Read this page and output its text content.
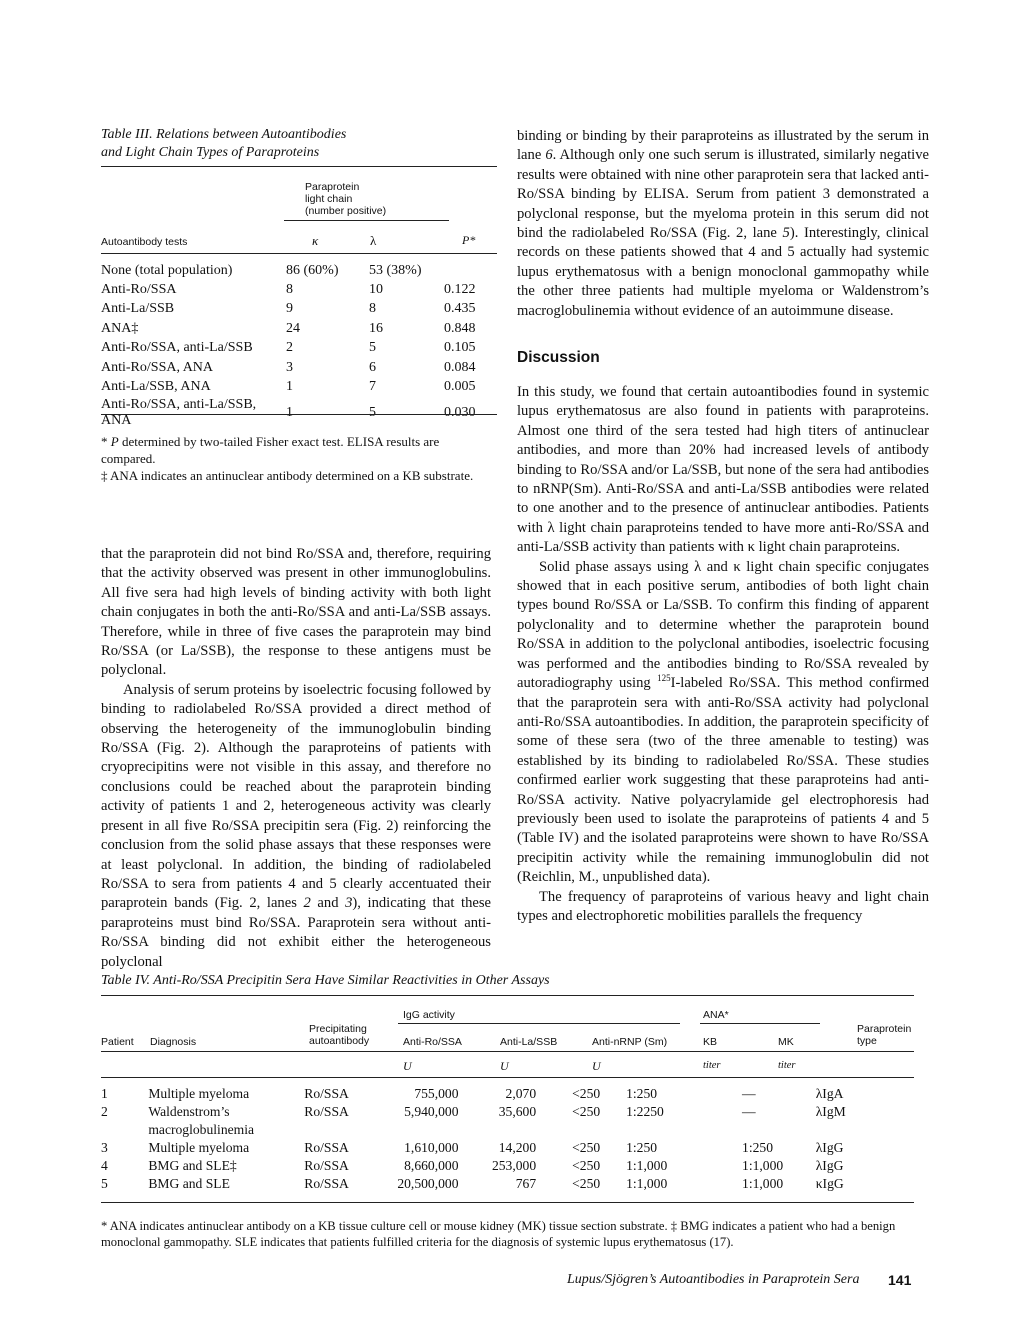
Table III. Relations between Autoantibodies
and Light Chain Types of Paraproteins
Paraprotein
light chain
(number positive)
Autoantibody tests	κ	λ	P*
None (total population)	86 (60%)	53 (38%)	
Anti-Ro/SSA	8	10	0.122
Anti-La/SSB	9	8	0.435
ANA‡	24	16	0.848
Anti-Ro/SSA, anti-La/SSB	2	5	0.105
Anti-Ro/SSA, ANA	3	6	0.084
Anti-La/SSB, ANA	1	7	0.005
Anti-Ro/SSA, anti-La/SSB, ANA	1	5	0.030
* P determined by two-tailed Fisher exact test. ELISA results are compared.
‡ ANA indicates an antinuclear antibody determined on a KB substrate.

that the paraprotein did not bind Ro/SSA and, therefore, requiring that the activity observed was present in other immunoglobulins. All five sera had high levels of binding activity with both light chain conjugates in both the anti-Ro/SSA and anti-La/SSB assays. Therefore, while in three of five cases the paraprotein may bind Ro/SSA (or La/SSB), the response to these antigens must be polyclonal.

Analysis of serum proteins by isoelectric focusing followed by binding to radiolabeled Ro/SSA provided a direct method of observing the heterogeneity of the immunoglobulin binding Ro/SSA (Fig. 2). Although the paraproteins of patients with cryoprecipitins were not visible in this assay, and therefore no conclusions could be reached about the paraprotein binding activity of patients 1 and 2, heterogeneous activity was clearly present in all five Ro/SSA precipitin sera (Fig. 2) reinforcing the conclusion from the solid phase assays that these responses were at least polyclonal. In addition, the binding of radiolabeled Ro/SSA to sera from patients 4 and 5 clearly accentuated their paraprotein bands (Fig. 2, lanes 2 and 3), indicating that these paraproteins must bind Ro/SSA. Paraprotein sera without anti-Ro/SSA binding did not exhibit either the heterogeneous polyclonal

binding or binding by their paraproteins as illustrated by the serum in lane 6. Although only one such serum is illustrated, similarly negative results were obtained with nine other paraprotein sera that lacked anti-Ro/SSA binding by ELISA. Serum from patient 3 demonstrated a polyclonal response, but the myeloma protein in this serum did not bind the radiolabeled Ro/SSA (Fig. 2, lane 5). Interestingly, clinical records on these patients showed that 4 and 5 actually had systemic lupus erythematosus with a benign monoclonal gammopathy while the other three patients had multiple myeloma or Waldenstrom’s macroglobulinemia without evidence of an autoimmune disease.

Discussion

In this study, we found that certain autoantibodies found in systemic lupus erythematosus are also found in patients with paraproteins. Almost one third of the sera tested had high titers of antinuclear antibodies, and more than 20% had increased levels of antibody binding to Ro/SSA and/or La/SSB, but none of the sera had antibodies to nRNP(Sm). Anti-Ro/SSA and anti-La/SSB antibodies were related to one another and to the presence of antinuclear antibodies. Patients with λ light chain paraproteins tended to have more anti-Ro/SSA and anti-La/SSB activity than patients with κ light chain paraproteins.

Solid phase assays using λ and κ light chain specific conjugates showed that in each positive serum, antibodies of both light chain types bound Ro/SSA or La/SSB. To confirm this finding of apparent polyclonality and to determine whether the paraprotein bound Ro/SSA in addition to the polyclonal antibodies, isoelectric focusing was performed and the antibodies binding to Ro/SSA revealed by autoradiography using $^{125}$I-labeled Ro/SSA. This method confirmed that the paraprotein sera with anti-Ro/SSA activity had polyclonal anti-Ro/SSA autoantibodies. In addition, the paraprotein specificity of some of these sera (two of the three amenable to testing) was established by its binding to radiolabeled Ro/SSA. These studies confirmed earlier work suggesting that these paraproteins had anti-Ro/SSA activity. Native polyacrylamide gel electrophoresis had previously been used to isolate the paraproteins of patients 4 and 5 (Table IV) and the isolated paraproteins were shown to have Ro/SSA precipitin activity while the remaining immunoglobulin did not (Reichlin, M., unpublished data).

The frequency of paraproteins of various heavy and light chain types and electrophoretic mobilities parallels the frequency

Table IV. Anti-Ro/SSA Precipitin Sera Have Similar Reactivities in Other Assays
IgG activity	ANA*
Patient Diagnosis
Precipitating
autoantibody	Anti-Ro/SSA	Anti-La/SSB	Anti-nRNP (Sm)	KB	MK
Paraprotein
type
U	U	U	titer	titer
1	Multiple myeloma	Ro/SSA	755,000	2,070	<250	1:250	—	λIgA
2	Waldenstrom’s
macroglobulinemia	Ro/SSA	5,940,000	35,600	<250	1:2250	—	λIgM
3	Multiple myeloma	Ro/SSA	1,610,000	14,200	<250	1:250	1:250	λIgG
4	BMG and SLE‡	Ro/SSA	8,660,000	253,000	<250	1:1,000	1:1,000	λIgG
5	BMG and SLE	Ro/SSA	20,500,000	767	<250	1:1,000	1:1,000	κIgG
* ANA indicates antinuclear antibody on a KB tissue culture cell or mouse kidney (MK) tissue section substrate. ‡ BMG indicates a patient who had a benign monoclonal gammopathy. SLE indicates that patients fulfilled criteria for the diagnosis of systemic lupus erythematosus (17).
Lupus/Sjögren’s Autoantibodies in Paraprotein Sera 141
